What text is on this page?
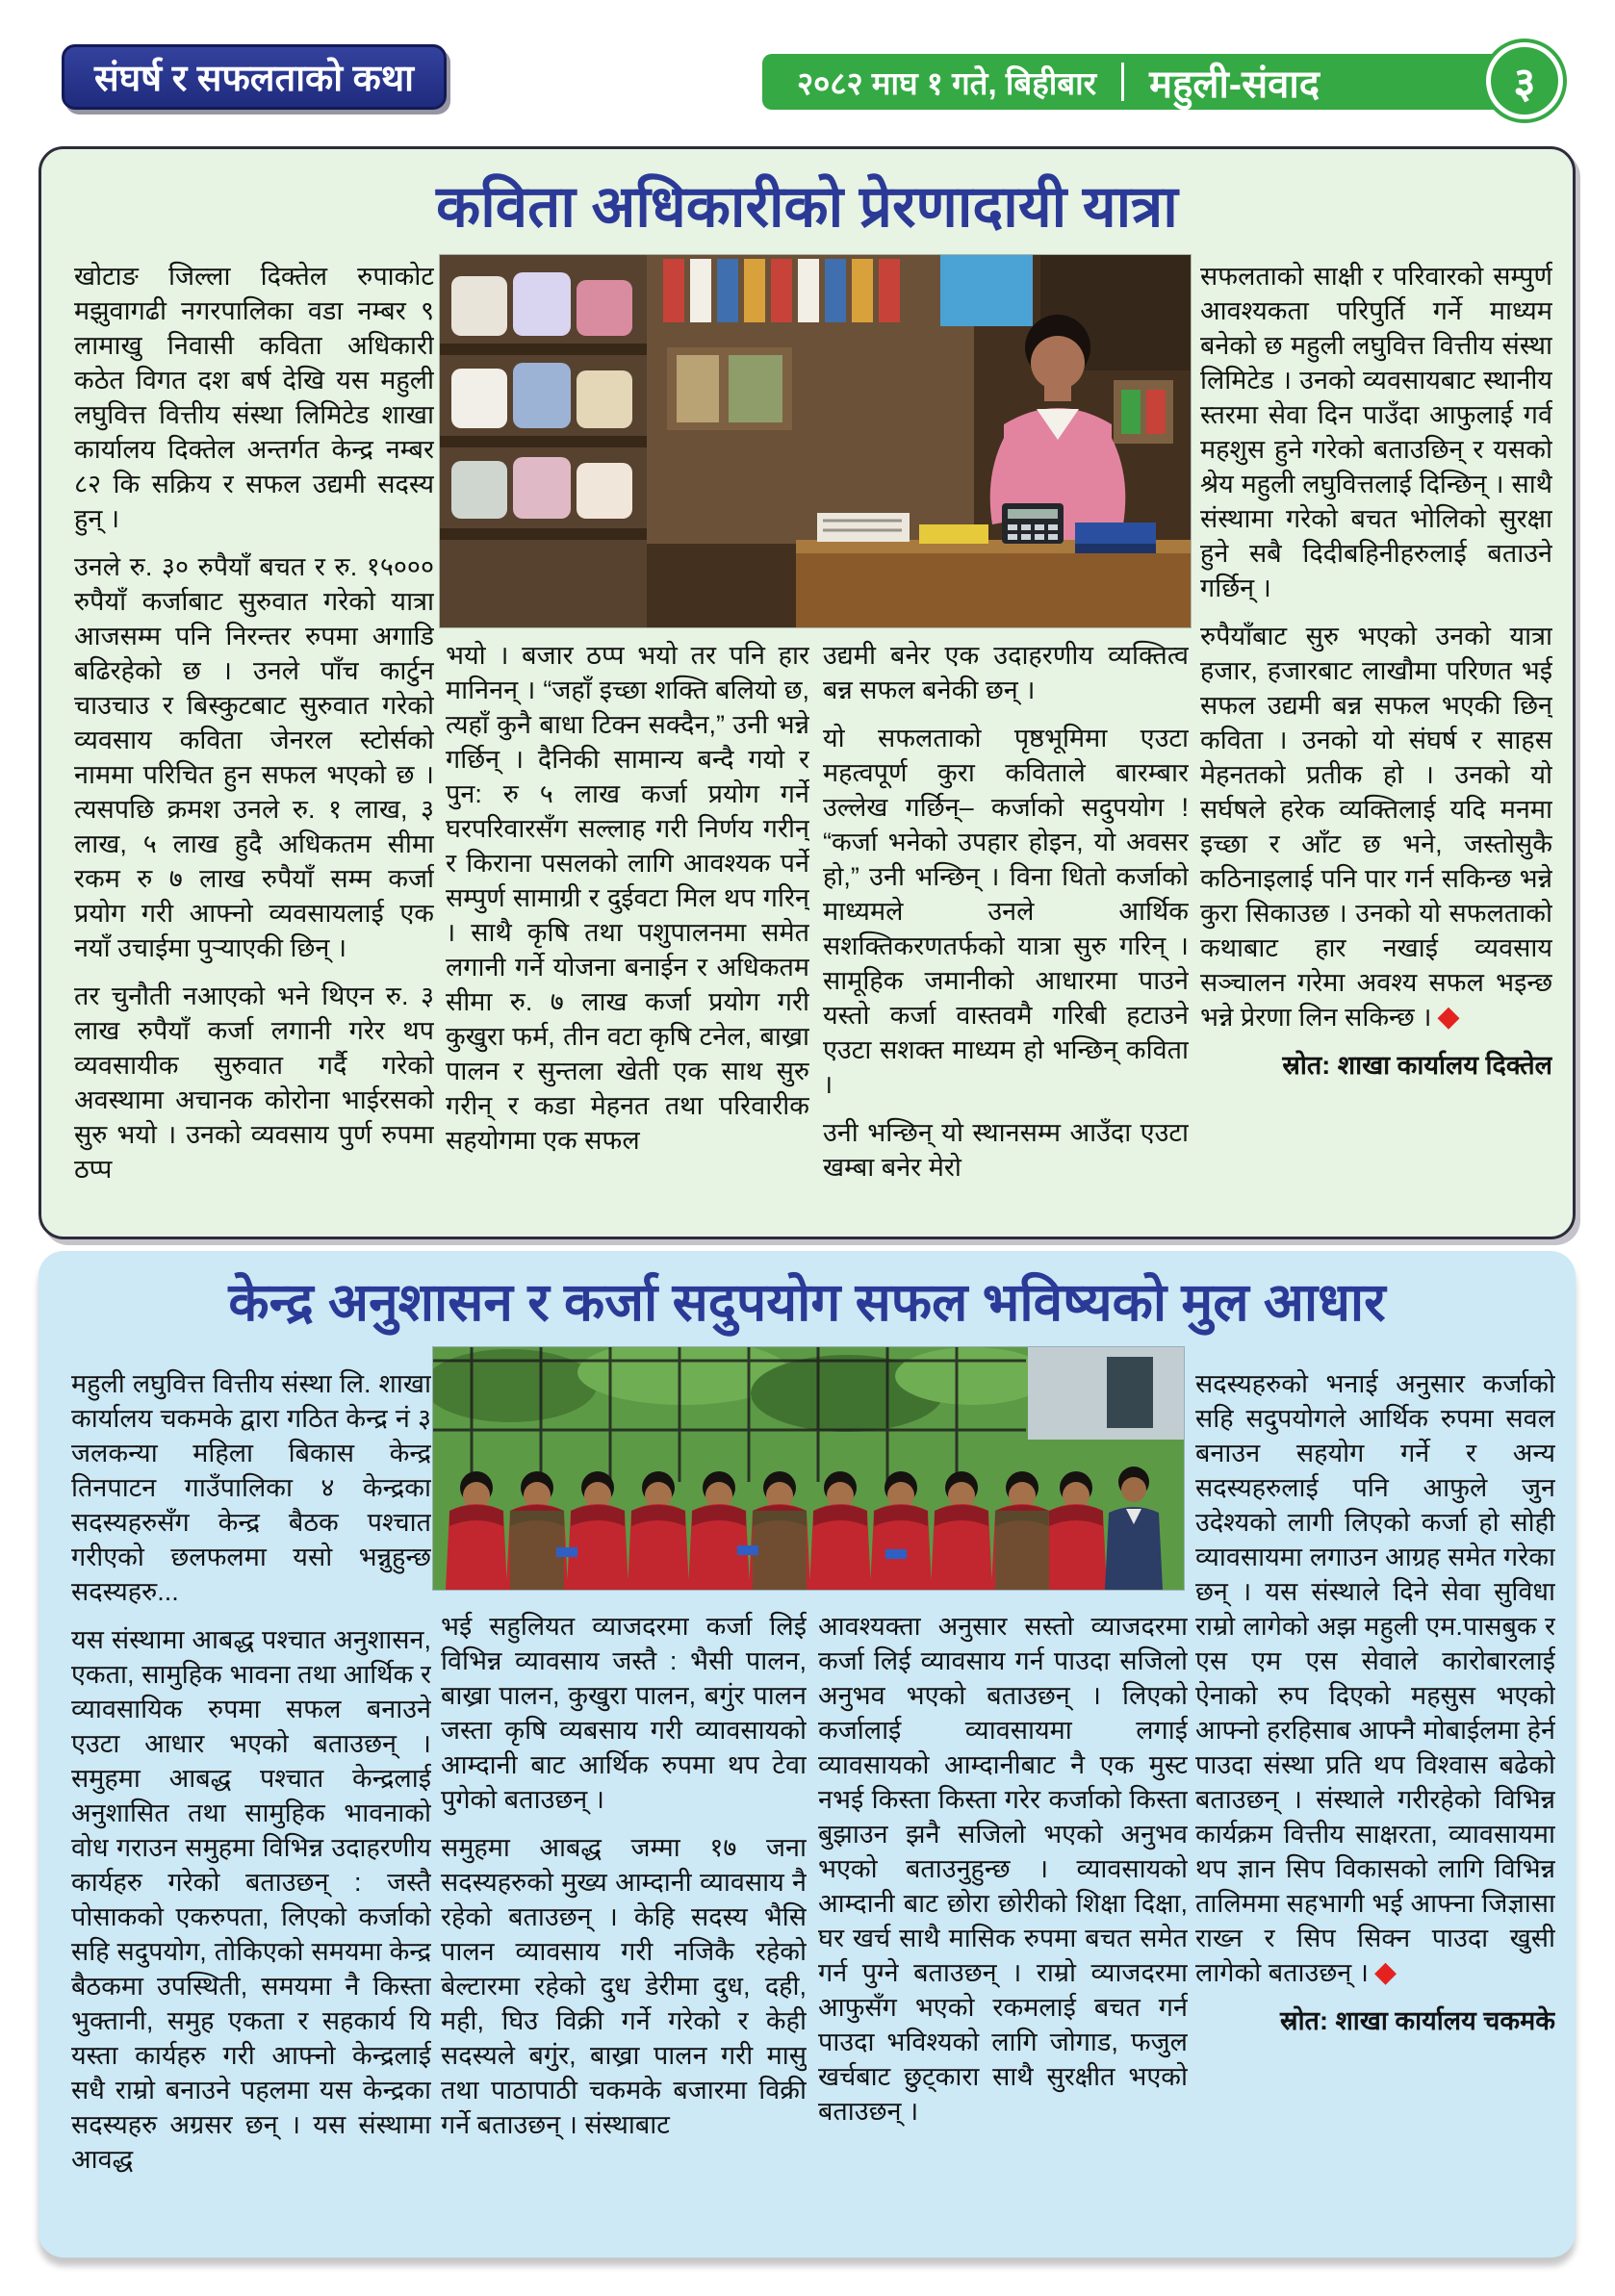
संघर्ष र सफलताको कथा	२०८२ माघ १ गते, बिहीबार महुली-संवाद	३
कविता अधिकारीको प्रेरणादायी यात्रा

खोटाङ जिल्ला दिक्तेल रुपाकोट मझुवागढी नगरपालिका वडा नम्बर ९ लामाखु निवासी कविता अधिकारी कठेत विगत दश बर्ष देखि यस महुली लघुवित्त वित्तीय संस्था लिमिटेड शाखा कार्यालय दिक्तेल अन्तर्गत केन्द्र नम्बर ८२ कि सक्रिय र सफल उद्यमी सदस्य हुन् ।

उनले रु. ३० रुपैयाँ बचत र रु. १५००० रुपैयाँ कर्जाबाट सुरुवात गरेको यात्रा आजसम्म पनि निरन्तर रुपमा अगाडि बढिरहेको छ । उनले पाँच कार्टुन चाउचाउ र बिस्कुटबाट सुरुवात गरेको व्यवसाय कविता जेनरल स्टोर्सको नाममा परिचित हुन सफल भएको छ । त्यसपछि क्रमश उनले रु. १ लाख, ३ लाख, ५ लाख हुदै अधिकतम सीमा रकम रु ७ लाख रुपैयाँ सम्म कर्जा प्रयोग गरी आफ्नो व्यवसायलाई एक नयाँ उचाईमा पुऱ्याएकी छिन् ।

तर चुनौती नआएको भने थिएन रु. ३ लाख रुपैयाँ कर्जा लगानी गरेर थप व्यवसायीक सुरुवात गर्दै गरेको अवस्थामा अचानक कोरोना भाईरसको सुरु भयो । उनको व्यवसाय पुर्ण रुपमा ठप्प

भयो । बजार ठप्प भयो तर पनि हार मानिनन् । “जहाँ इच्छा शक्ति बलियो छ, त्यहाँ कुनै बाधा टिक्न सक्दैन,” उनी भन्ने गर्छिन् । दैनिकी सामान्य बन्दै गयो र पुन: रु ५ लाख कर्जा प्रयोग गर्ने घरपरिवारसँग सल्लाह गरी निर्णय गरीन् र किराना पसलको लागि आवश्यक पर्ने सम्पुर्ण सामाग्री र दुईवटा मिल थप गरिन् । साथै कृषि तथा पशुपालनमा समेत लगानी गर्ने योजना बनाईन र अधिकतम सीमा रु. ७ लाख कर्जा प्रयोग गरी कुखुरा फर्म, तीन वटा कृषि टनेल, बाख्रा पालन र सुन्तला खेती एक साथ सुरु गरीन् र कडा मेहनत तथा परिवारीक सहयोगमा एक सफल

उद्यमी बनेर एक उदाहरणीय व्यक्तित्व बन्न सफल बनेकी छन् ।

यो सफलताको पृष्ठभूमिमा एउटा महत्वपूर्ण कुरा कविताले बारम्बार उल्लेख गर्छिन्– कर्जाको सदुपयोग ! “कर्जा भनेको उपहार होइन, यो अवसर हो,” उनी भन्छिन् । विना धितो कर्जाको माध्यमले उनले आर्थिक सशक्तिकरणतर्फको यात्रा सुरु गरिन् । सामूहिक जमानीको आधारमा पाउने यस्तो कर्जा वास्तवमै गरिबी हटाउने एउटा सशक्त माध्यम हो भन्छिन् कविता ।

उनी भन्छिन् यो स्थानसम्म आउँदा एउटा खम्बा बनेर मेरो

सफलताको साक्षी र परिवारको सम्पुर्ण आवश्यकता परिपुर्ति गर्ने माध्यम बनेको छ महुली लघुवित्त वित्तीय संस्था लिमिटेड । उनको व्यवसायबाट स्थानीय स्तरमा सेवा दिन पाउँदा आफुलाई गर्व महशुस हुने गरेको बताउछिन् र यसको श्रेय महुली लघुवित्तलाई दिन्छिन् । साथै संस्थामा गरेको बचत भोलिको सुरक्षा हुने सबै दिदीबहिनीहरुलाई बताउने गर्छिन् ।

रुपैयाँबाट सुरु भएको उनको यात्रा हजार, हजारबाट लाखौमा परिणत भई सफल उद्यमी बन्न सफल भएकी छिन् कविता । उनको यो संघर्ष र साहस मेहनतको प्रतीक हो । उनको यो सर्घषले हरेक व्यक्तिलाई यदि मनमा इच्छा र आँट छ भने, जस्तोसुकै कठिनाइलाई पनि पार गर्न सकिन्छ भन्ने कुरा सिकाउछ । उनको यो सफलताको कथाबाट हार नखाई व्यवसाय सञ्चालन गरेमा अवश्य सफल भइन्छ भन्ने प्रेरणा लिन सकिन्छ । ◆

स्रोत: शाखा कार्यालय दिक्तेल

केन्द्र अनुशासन र कर्जा सदुपयोग सफल भविष्यको मुल आधार

महुली लघुवित्त वित्तीय संस्था लि. शाखा कार्यालय चकमके द्वारा गठित केन्द्र नं ३ जलकन्या महिला बिकास केन्द्र तिनपाटन गाउँपालिका ४ केन्द्रका सदस्यहरुसँग केन्द्र बैठक पश्चात गरीएको छलफलमा यसो भन्नुहुन्छ सदस्यहरु...

यस संस्थामा आबद्ध पश्चात अनुशासन, एकता, सामुहिक भावना तथा आर्थिक र व्यावसायिक रुपमा सफल बनाउने एउटा आधार भएको बताउछन् । समुहमा आबद्ध पश्चात केन्द्रलाई अनुशासित तथा सामुहिक भावनाको वोध गराउन समुहमा विभिन्न उदाहरणीय कार्यहरु गरेको बताउछन् : जस्तै पोसाकको एकरुपता, लिएको कर्जाको सहि सदुपयोग, तोकिएको समयमा केन्द्र बैठकमा उपस्थिती, समयमा नै किस्ता भुक्तानी, समुह एकता र सहकार्य यि यस्ता कार्यहरु गरी आफ्नो केन्द्रलाई सधै राम्रो बनाउने पहलमा यस केन्द्रका सदस्यहरु अग्रसर छन् । यस संस्थामा आवद्ध

भई सहुलियत व्याजदरमा कर्जा लिई विभिन्न व्यावसाय जस्तै : भैसी पालन, बाख्रा पालन, कुखुरा पालन, बगुंर पालन जस्ता कृषि व्यबसाय गरी व्यावसायको आम्दानी बाट आर्थिक रुपमा थप टेवा पुगेको बताउछन् ।

समुहमा आबद्ध जम्मा १७ जना सदस्यहरुको मुख्य आम्दानी व्यावसाय नै रहेको बताउछन् । केहि सदस्य भैसि पालन व्यावसाय गरी नजिकै रहेको बेल्टारमा रहेको दुध डेरीमा दुध, दही, मही, घिउ विक्री गर्ने गरेको र केही सदस्यले बगुंर, बाख्रा पालन गरी मासु तथा पाठापाठी चकमके बजारमा विक्री गर्ने बताउछन् । संस्थाबाट

आवश्यक्ता अनुसार सस्तो व्याजदरमा कर्जा लिई व्यावसाय गर्न पाउदा सजिलो अनुभव भएको बताउछन् । लिएको कर्जालाई व्यावसायमा लगाई व्यावसायको आम्दानीबाट नै एक मुस्ट नभई किस्ता किस्ता गरेर कर्जाको किस्ता बुझाउन झनै सजिलो भएको अनुभव भएको बताउनुहुन्छ । व्यावसायको आम्दानी बाट छोरा छोरीको शिक्षा दिक्षा, घर खर्च साथै मासिक रुपमा बचत समेत गर्न पुग्ने बताउछन् । राम्रो व्याजदरमा आफुसँग भएको रकमलाई बचत गर्न पाउदा भविश्यको लागि जोगाड, फजुल खर्चबाट छुट्कारा साथै सुरक्षीत भएको बताउछन् ।

सदस्यहरुको भनाई अनुसार कर्जाको सहि सदुपयोगले आर्थिक रुपमा सवल बनाउन सहयोग गर्ने र अन्य सदस्यहरुलाई पनि आफुले जुन उदेश्यको लागी लिएको कर्जा हो सोही व्यावसायमा लगाउन आग्रह समेत गरेका छन् । यस संस्थाले दिने सेवा सुविधा राम्रो लागेको अझ महुली एम.पासबुक र एस एम एस सेवाले कारोबारलाई ऐनाको रुप दिएको महसुस भएको आफ्नो हरहिसाब आफ्नै मोबाईलमा हेर्न पाउदा संस्था प्रति थप विश्वास बढेको बताउछन् । संस्थाले गरीरहेको विभिन्न कार्यक्रम वित्तीय साक्षरता, व्यावसायमा थप ज्ञान सिप विकासको लागि विभिन्न तालिममा सहभागी भई आफ्ना जिज्ञासा राख्न र सिप सिक्न पाउदा खुसी लागेको बताउछन् । ◆

स्रोत: शाखा कार्यालय चकमके
